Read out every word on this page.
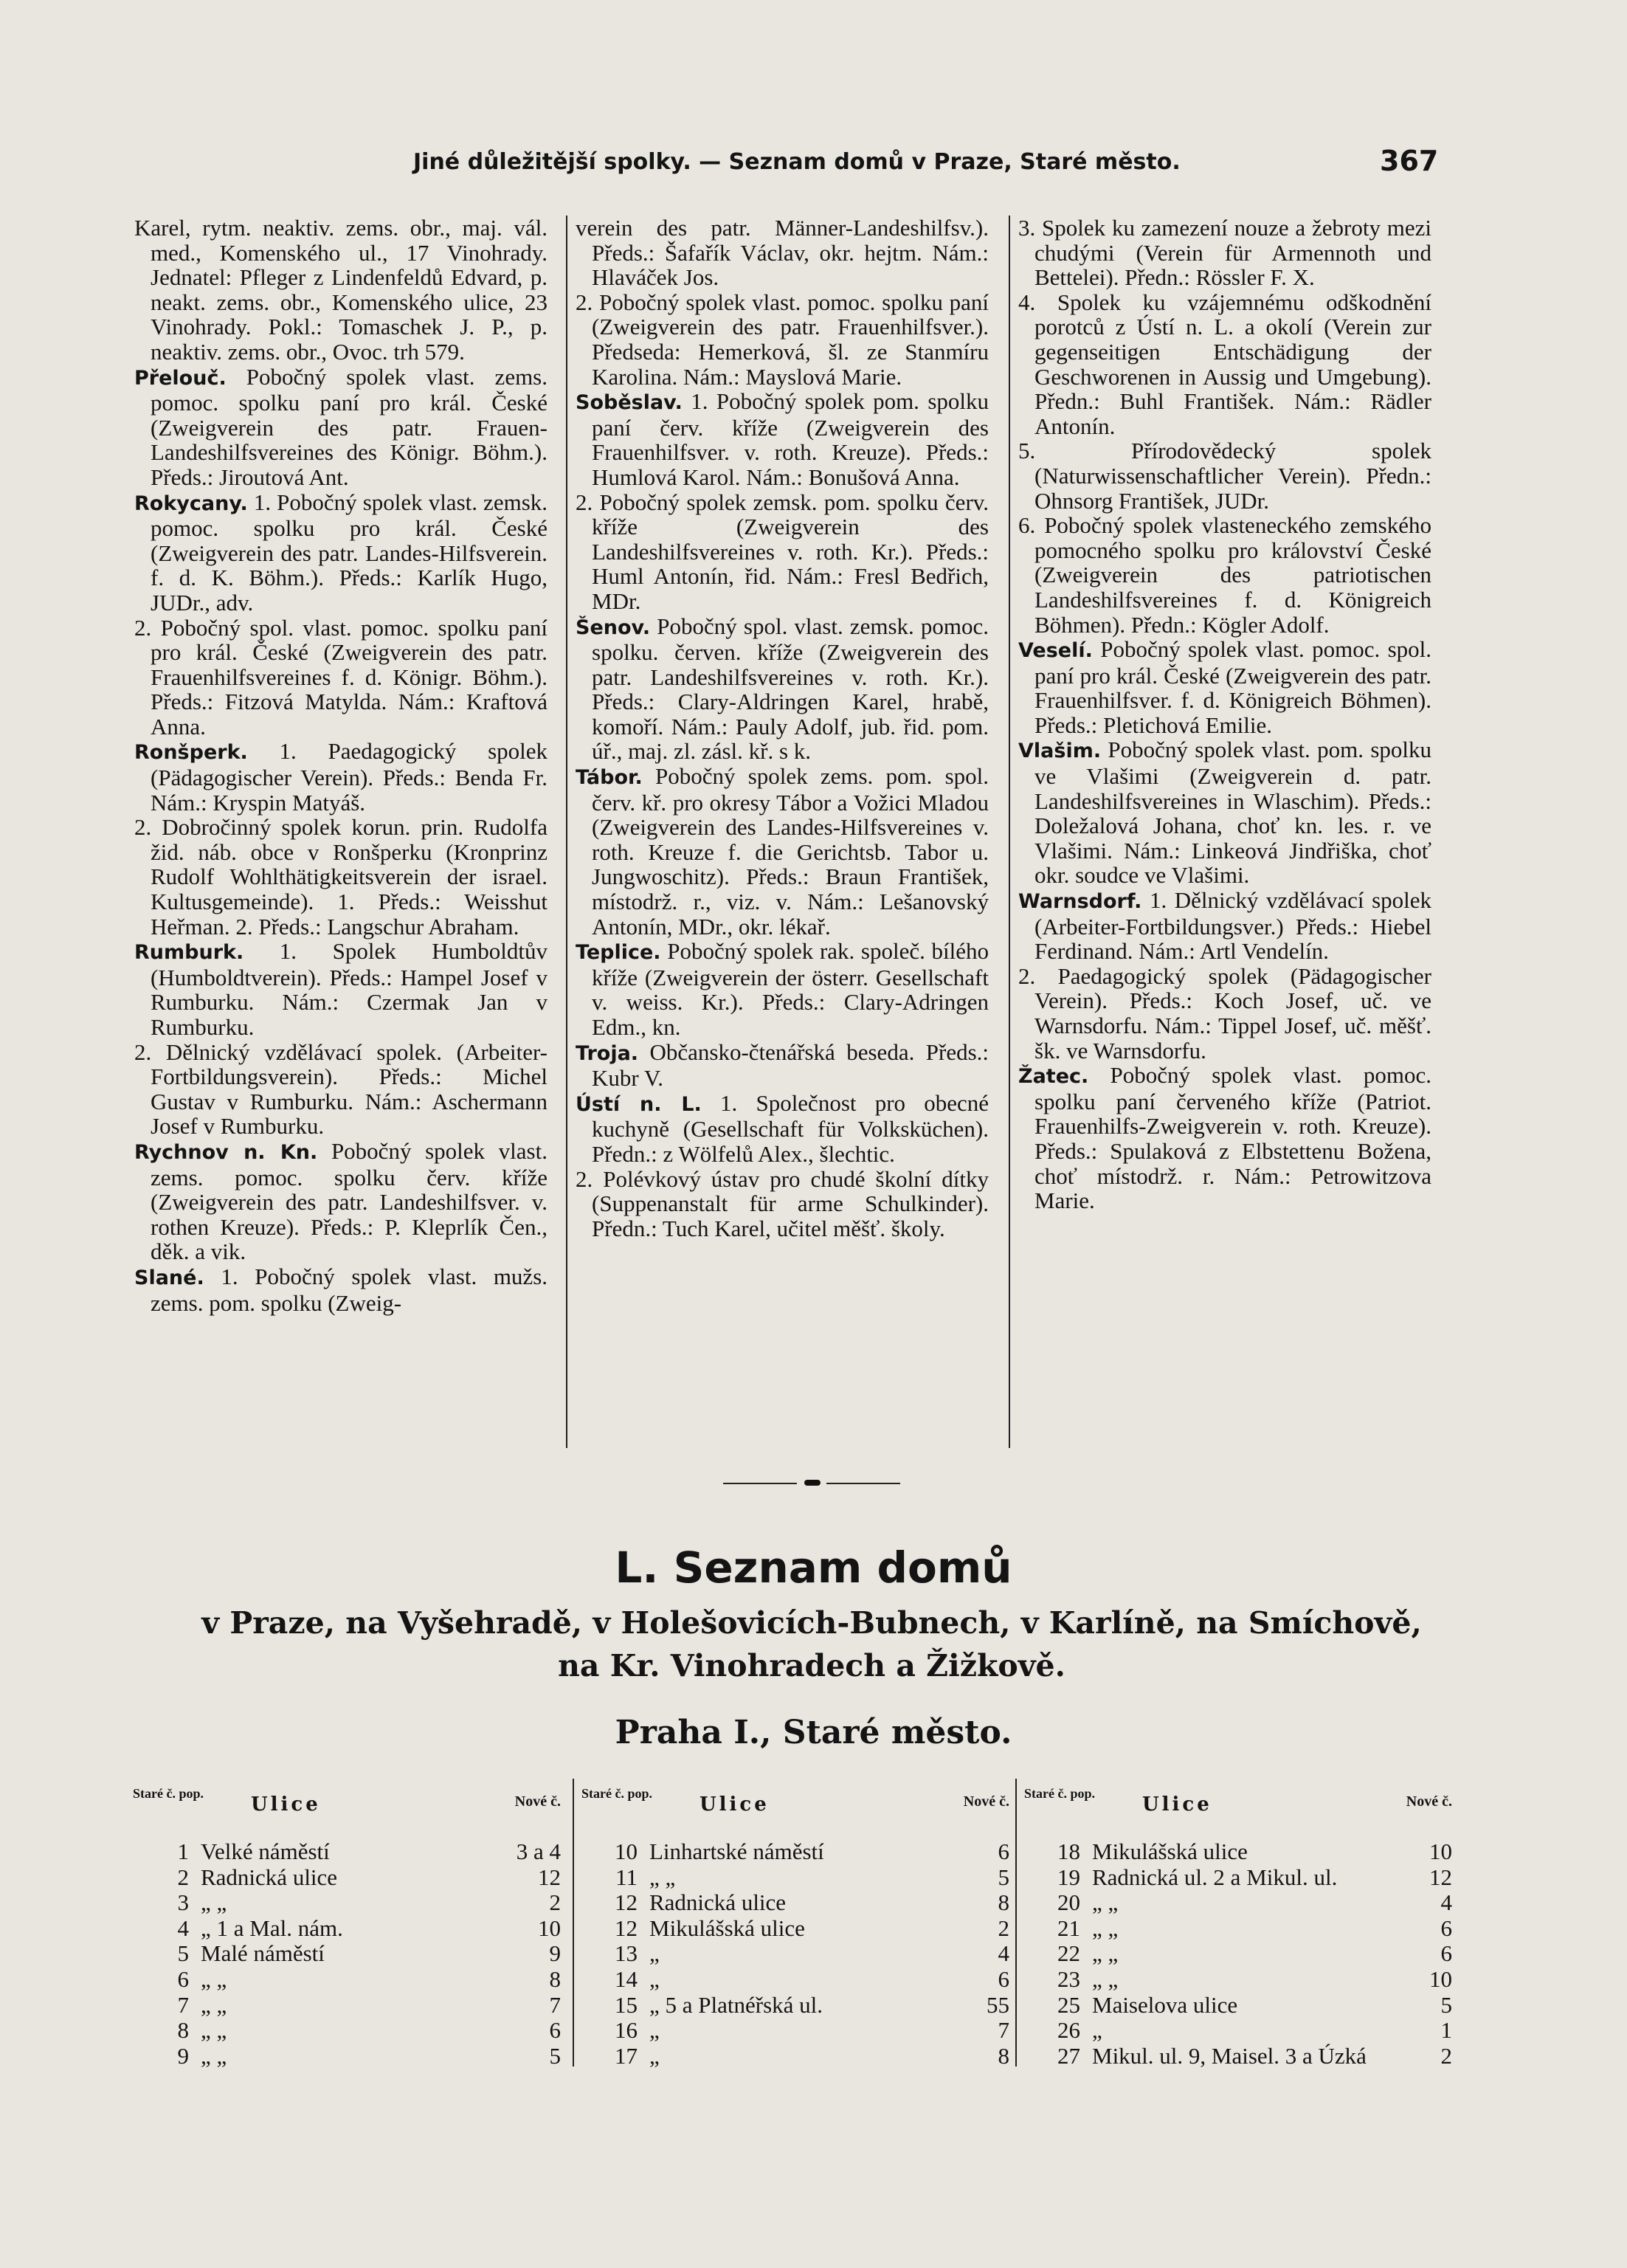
Jiné důležitější spolky. — Seznam domů v Praze, Staré město.	367

Karel, rytm. neaktiv. zems. obr., maj. vál. med., Komenského ul., 17 Vinohrady. Jednatel: Pfleger z Lindenfeldů Edvard, p. neakt. zems. obr., Komenského ulice, 23 Vinohrady. Pokl.: Tomaschek J. P., p. neaktiv. zems. obr., Ovoc. trh 579.

Přelouč. Pobočný spolek vlast. zems. pomoc. spolku paní pro král. České (Zweigverein des patr. Frauen-Landeshilfsvereines des Königr. Böhm.). Předs.: Jiroutová Ant.

Rokycany. 1. Pobočný spolek vlast. zemsk. pomoc. spolku pro král. České (Zweigverein des patr. Landes-Hilfsverein. f. d. K. Böhm.). Předs.: Karlík Hugo, JUDr., adv.

2. Pobočný spol. vlast. pomoc. spolku paní pro král. České (Zweigverein des patr. Frauenhilfsvereines f. d. Königr. Böhm.). Předs.: Fitzová Matylda. Nám.: Kraftová Anna.

Ronšperk. 1. Paedagogický spolek (Pädagogischer Verein). Předs.: Benda Fr. Nám.: Kryspin Matyáš.

2. Dobročinný spolek korun. prin. Rudolfa žid. náb. obce v Ronšperku (Kronprinz Rudolf Wohlthätigkeitsverein der israel. Kultusgemeinde). 1. Předs.: Weisshut Heřman. 2. Předs.: Langschur Abraham.

Rumburk. 1. Spolek Humboldtův (Humboldtverein). Předs.: Hampel Josef v Rumburku. Nám.: Czermak Jan v Rumburku.

2. Dělnický vzdělávací spolek. (Arbeiter-Fortbildungsverein). Předs.: Michel Gustav v Rumburku. Nám.: Aschermann Josef v Rumburku.

Rychnov n. Kn. Pobočný spolek vlast. zems. pomoc. spolku červ. kříže (Zweigverein des patr. Landeshilfsver. v. rothen Kreuze). Předs.: P. Kleprlík Čen., děk. a vik.

Slané. 1. Pobočný spolek vlast. mužs. zems. pom. spolku (Zweig-

verein des patr. Männer-Landeshilfsv.). Předs.: Šafařík Václav, okr. hejtm. Nám.: Hlaváček Jos.

2. Pobočný spolek vlast. pomoc. spolku paní (Zweigverein des patr. Frauenhilfsver.). Předseda: Hemerková, šl. ze Stanmíru Karolina. Nám.: Mayslová Marie.

Soběslav. 1. Pobočný spolek pom. spolku paní červ. kříže (Zweigverein des Frauenhilfsver. v. roth. Kreuze). Předs.: Humlová Karol. Nám.: Bonušová Anna.

2. Pobočný spolek zemsk. pom. spolku červ. kříže (Zweigverein des Landeshilfsvereines v. roth. Kr.). Předs.: Huml Antonín, řid. Nám.: Fresl Bedřich, MDr.

Šenov. Pobočný spol. vlast. zemsk. pomoc. spolku. červen. kříže (Zweigverein des patr. Landeshilfsvereines v. roth. Kr.). Předs.: Clary-Aldringen Karel, hrabě, komoří. Nám.: Pauly Adolf, jub. řid. pom. úř., maj. zl. zásl. kř. s k.

Tábor. Pobočný spolek zems. pom. spol. červ. kř. pro okresy Tábor a Vožici Mladou (Zweigverein des Landes-Hilfsvereines v. roth. Kreuze f. die Gerichtsb. Tabor u. Jungwoschitz). Předs.: Braun František, místodrž. r., viz. v. Nám.: Lešanovský Antonín, MDr., okr. lékař.

Teplice. Pobočný spolek rak. společ. bílého kříže (Zweigverein der österr. Gesellschaft v. weiss. Kr.). Předs.: Clary-Adringen Edm., kn.

Troja. Občansko-čtenářská beseda. Předs.: Kubr V.

Ústí n. L. 1. Společnost pro obecné kuchyně (Gesellschaft für Volksküchen). Předn.: z Wölfelů Alex., šlechtic.

2. Polévkový ústav pro chudé školní dítky (Suppenanstalt für arme Schulkinder). Předn.: Tuch Karel, učitel měšť. školy.

3. Spolek ku zamezení nouze a žebroty mezi chudými (Verein für Armennoth und Bettelei). Předn.: Rössler F. X.

4. Spolek ku vzájemnému odškodnění porotců z Ústí n. L. a okolí (Verein zur gegenseitigen Entschädigung der Geschworenen in Aussig und Umgebung). Předn.: Buhl František. Nám.: Rädler Antonín.

5. Přírodovědecký spolek (Naturwissenschaftlicher Verein). Předn.: Ohnsorg František, JUDr.

6. Pobočný spolek vlasteneckého zemského pomocného spolku pro království České (Zweigverein des patriotischen Landeshilfsvereines f. d. Königreich Böhmen). Předn.: Kögler Adolf.

Veselí. Pobočný spolek vlast. pomoc. spol. paní pro král. České (Zweigverein des patr. Frauenhilfsver. f. d. Königreich Böhmen). Předs.: Pletichová Emilie.

Vlašim. Pobočný spolek vlast. pom. spolku ve Vlašimi (Zweigverein d. patr. Landeshilfsvereines in Wlaschim). Předs.: Doležalová Johana, choť kn. les. r. ve Vlašimi. Nám.: Linkeová Jindřiška, choť okr. soudce ve Vlašimi.

Warnsdorf. 1. Dělnický vzdělávací spolek (Arbeiter-Fortbildungsver.) Předs.: Hiebel Ferdinand. Nám.: Artl Vendelín.

2. Paedagogický spolek (Pädagogischer Verein). Předs.: Koch Josef, uč. ve Warnsdorfu. Nám.: Tippel Josef, uč. měšť. šk. ve Warnsdorfu.

Žatec. Pobočný spolek vlast. pomoc. spolku paní červeného kříže (Patriot. Frauenhilfs-Zweigverein v. roth. Kreuze). Předs.: Spulaková z Elbstettenu Božena, choť místodrž. r. Nám.: Petrowitzova Marie.

L. Seznam domů
v Praze, na Vyšehradě, v Holešovicích-Bubnech, v Karlíně, na Smíchově,
na Kr. Vinohradech a Žižkově.
Praha I., Staré město.
Staré č. pop. Ulice	Nové č.
1 Velké náměstí	3 a 4
2 Radnická ulice	12
3 „ „	2
4 „ 1 a Mal. nám.	10
5 Malé náměstí	9
6 „ „	8
7 „ „	7
8 „ „	6
9 „ „	5
Staré č. pop. Ulice	Nové č.
10 Linhartské náměstí	6
11 „ „	5
12 Radnická ulice	8
12 Mikulášská ulice	2
13 „	4
14 „	6
15 „ 5 a Platnéřská ul.	55
16 „	7
17 „	8
Staré č. pop. Ulice	Nové č.
18 Mikulášská ulice	10
19 Radnická ul. 2 a Mikul. ul.	12
20 „ „	4
21 „ „	6
22 „ „	6
23 „ „	10
25 Maiselova ulice	5
26 „	1
27 Mikul. ul. 9, Maisel. 3 a Úzká	2
